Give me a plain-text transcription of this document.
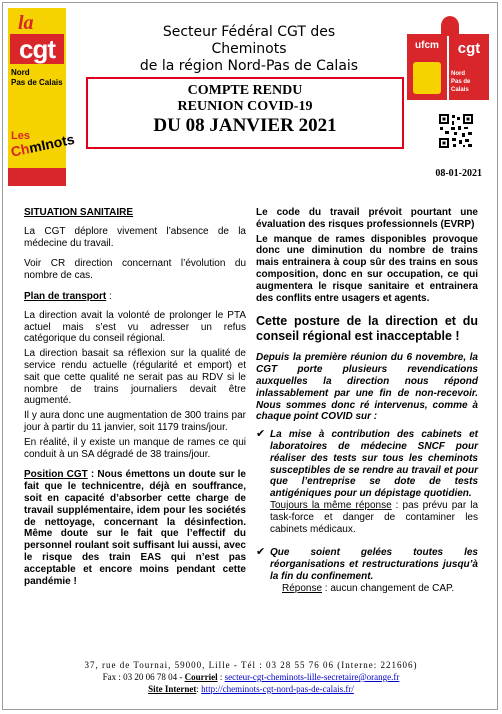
la
cgt
Nord
Pas de Calais
Les
ChmInots
Secteur Fédéral CGT des Cheminots
de la région Nord-Pas de Calais
ufcm	cgt
Nord
Pas de Calais
COMPTE RENDU
REUNION COVID-19
DU 08 JANVIER 2021
08-01-2021

SITUATION SANITAIRE

La CGT déplore vivement l’absence de la médecine du travail.

Voir CR direction concernant l’évolution du nombre de cas.

Plan de transport :

La direction avait la volonté de prolonger le PTA actuel mais s’est vu adresser un refus catégorique du conseil régional.

La direction basait sa réflexion sur la qualité de service rendu actuelle (régularité et emport) et sait que cette qualité ne serait pas au RDV si le nombre de trains journaliers devait être augmenté.

Il y aura donc une augmentation de 300 trains par jour à partir du 11 janvier, soit 1179 trains/jour.

En réalité, il y existe un manque de rames ce qui conduit à un SA dégradé de 38 trains/jour.

Position CGT : Nous émettons un doute sur le fait que le technicentre, déjà en souffrance, soit en capacité d’absorber cette charge de travail supplémentaire, idem pour les sociétés de nettoyage, concernant la désinfection. Même doute sur le fait que l’effectif du personnel roulant soit suffisant lui aussi, avec le risque des train EAS qui n’est pas acceptable et encore moins pendant cette pandémie !

Le code du travail prévoit pourtant une évaluation des risques professionnels (EVRP)

Le manque de rames disponibles provoque donc une diminution du nombre de trains mais entrainera à coup sûr des trains en sous composition, donc en sur occupation, ce qui augmentera le risque sanitaire et entrainera des conflits entre usagers et agents.

Cette posture de la direction et du conseil régional est inacceptable !

Depuis la première réunion du 6 novembre, la CGT porte plusieurs revendications auxquelles la direction nous répond inlassablement par une fin de non-recevoir. Nous sommes donc ré intervenus, comme à chaque point COVID sur :

✔ La mise à contribution des cabinets et laboratoires de médecine SNCF pour réaliser des tests sur tous les cheminots susceptibles de se rendre au travail et pour que l’entreprise se dote de tests antigéniques pour un dépistage quotidien.

Toujours la même réponse : pas prévu par la task-force et danger de contaminer les cabinets médicaux.

✔ Que soient gelées toutes les réorganisations et restructurations jusqu’à la fin du confinement.

Réponse : aucun changement de CAP.

37, rue de Tournai, 59000, Lille - Tél : 03 28 55 76 06 (Interne: 221606)
Fax : 03 20 06 78 04 - Courriel : secteur-cgt-cheminots-lille-secretaire@orange.fr
Site Internet: http://cheminots-cgt-nord-pas-de-calais.fr/
